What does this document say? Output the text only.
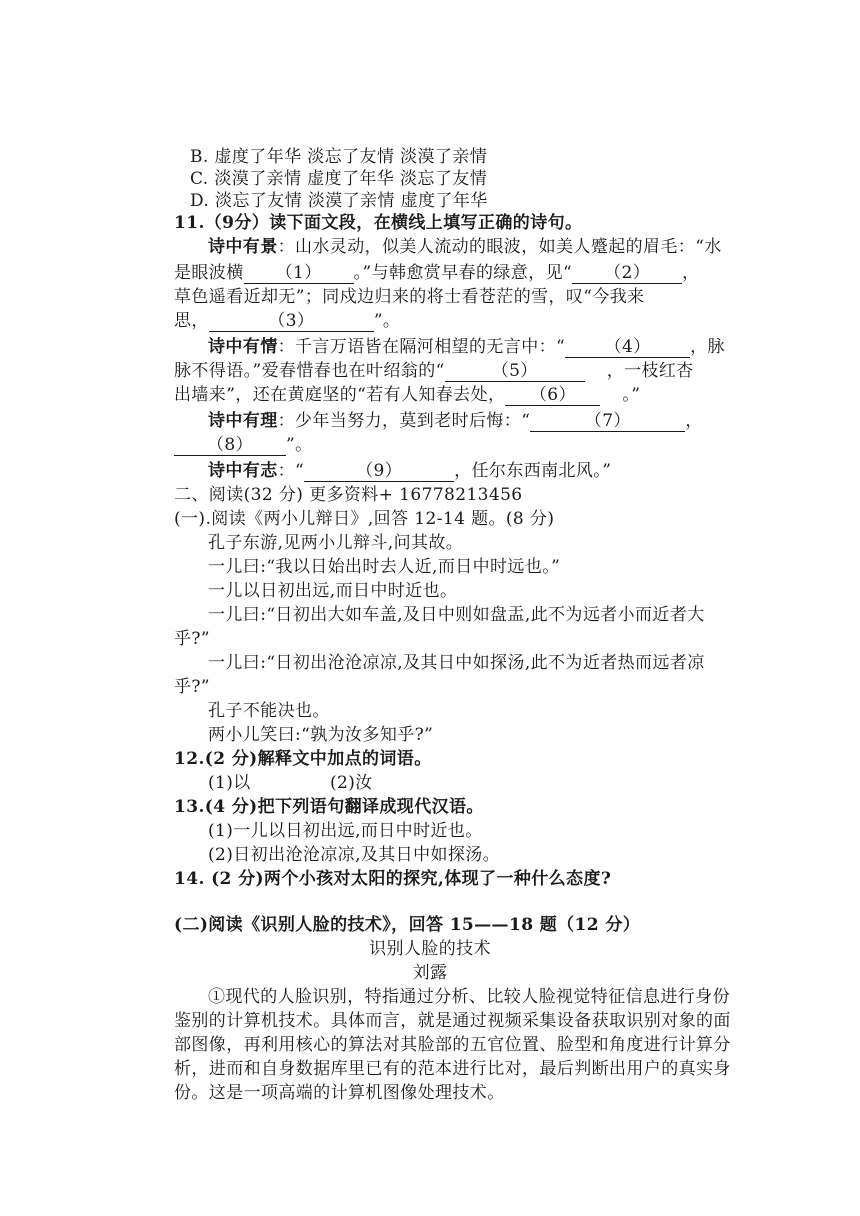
B. 虚度了年华 淡忘了友情 淡漠了亲情
C. 淡漠了亲情 虚度了年华 淡忘了友情
D. 淡忘了友情 淡漠了亲情 虚度了年华
11.（9分）读下面文段，在横线上填写正确的诗句。
诗中有景：山水灵动，似美人流动的眼波，如美人蹙起的眉毛：“水
是眼波横 （1） 。”与韩愈赏早春的绿意，见“ （2） ，
草色遥看近却无”；同戍边归来的将士看苍茫的雪，叹“今我来
思，	（3）	”。
诗中有情：千言万语皆在隔河相望的无言中：“ （4） ，脉
脉不得语。”爱春惜春也在叶绍翁的“	（5）	，一枝红杏
出墙来”，还在黄庭坚的“若有人知春去处， （6）	。”
诗中有理：少年当努力，莫到老时后悔：“	（7）	，
（8） ”。
诗中有志：“	（9）	，任尔东西南北风。”
二、阅读(32 分) 更多资料+ 16778213456
(一).阅读《两小儿辩日》,回答 12-14 题。(8 分)
孔子东游,见两小儿辩斗,问其故。
一儿曰:“我以日始出时去人近,而日中时远也。”
一儿以日初出远,而日中时近也。
一儿曰:“日初出大如车盖,及日中则如盘盂,此不为远者小而近者大
乎?”
一儿曰:“日初出沧沧凉凉,及其日中如探汤,此不为近者热而远者凉
乎?”
孔子不能决也。
两小儿笑曰:“孰为汝多知乎?”
12.(2 分)解释文中加点的词语。
(1)以	(2)汝
13.(4 分)把下列语句翻译成现代汉语。
(1)一儿以日初出远,而日中时近也。
(2)日初出沧沧凉凉,及其日中如探汤。
14. (2 分)两个小孩对太阳的探究,体现了一种什么态度?
(二)阅读《识别人脸的技术》，回答 15——18 题（12 分）
识别人脸的技术
刘露
①现代的人脸识别，特指通过分析、比较人脸视觉特征信息进行身份
鉴别的计算机技术。具体而言，就是通过视频采集设备获取识别对象的面
部图像，再利用核心的算法对其脸部的五官位置、脸型和角度进行计算分
析，进而和自身数据库里已有的范本进行比对，最后判断出用户的真实身
份。这是一项高端的计算机图像处理技术。
